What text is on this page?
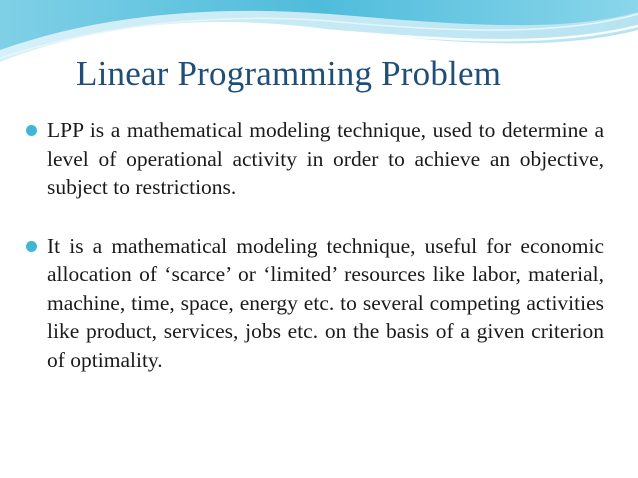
Linear Programming Problem
LPP is a mathematical modeling technique, used to determine a level of operational activity in order to achieve an objective, subject to restrictions.
It is a mathematical modeling technique, useful for economic allocation of ‘scarce’ or ‘limited’ resources like labor, material, machine, time, space, energy etc. to several competing activities like product, services, jobs etc. on the basis of a given criterion of optimality.
